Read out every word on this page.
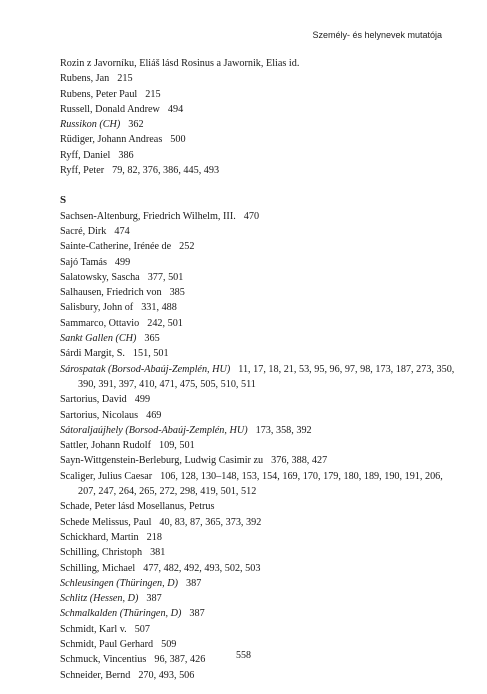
Személy- és helynevek mutatója
Rozin z Javorníku, Eliáš lásd Rosinus a Jawornik, Elias id.
Rubens, Jan 215
Rubens, Peter Paul 215
Russell, Donald Andrew 494
Russikon (CH) 362
Rüdiger, Johann Andreas 500
Ryff, Daniel 386
Ryff, Peter 79, 82, 376, 386, 445, 493
S
Sachsen-Altenburg, Friedrich Wilhelm, III. 470
Sacré, Dirk 474
Sainte-Catherine, Irénée de 252
Sajó Tamás 499
Salatowsky, Sascha 377, 501
Salhausen, Friedrich von 385
Salisbury, John of 331, 488
Sammarco, Ottavio 242, 501
Sankt Gallen (CH) 365
Sárdi Margit, S. 151, 501
Sárospatak (Borsod-Abaúj-Zemplén, HU) 11, 17, 18, 21, 53, 95, 96, 97, 98, 173, 187, 273, 350, 390, 391, 397, 410, 471, 475, 505, 510, 511
Sartorius, David 499
Sartorius, Nicolaus 469
Sátoraljaújhely (Borsod-Abaúj-Zemplén, HU) 173, 358, 392
Sattler, Johann Rudolf 109, 501
Sayn-Wittgenstein-Berleburg, Ludwig Casimir zu 376, 388, 427
Scaliger, Julius Caesar 106, 128, 130–148, 153, 154, 169, 170, 179, 180, 189, 190, 191, 206, 207, 247, 264, 265, 272, 298, 419, 501, 512
Schade, Peter lásd Mosellanus, Petrus
Schede Melissus, Paul 40, 83, 87, 365, 373, 392
Schickhard, Martin 218
Schilling, Christoph 381
Schilling, Michael 477, 482, 492, 493, 502, 503
Schleusingen (Thüringen, D) 387
Schlitz (Hessen, D) 387
Schmalkalden (Thüringen, D) 387
Schmidt, Karl v. 507
Schmidt, Paul Gerhard 509
Schmuck, Vincentius 96, 387, 426
Schneider, Bernd 270, 493, 506
558
